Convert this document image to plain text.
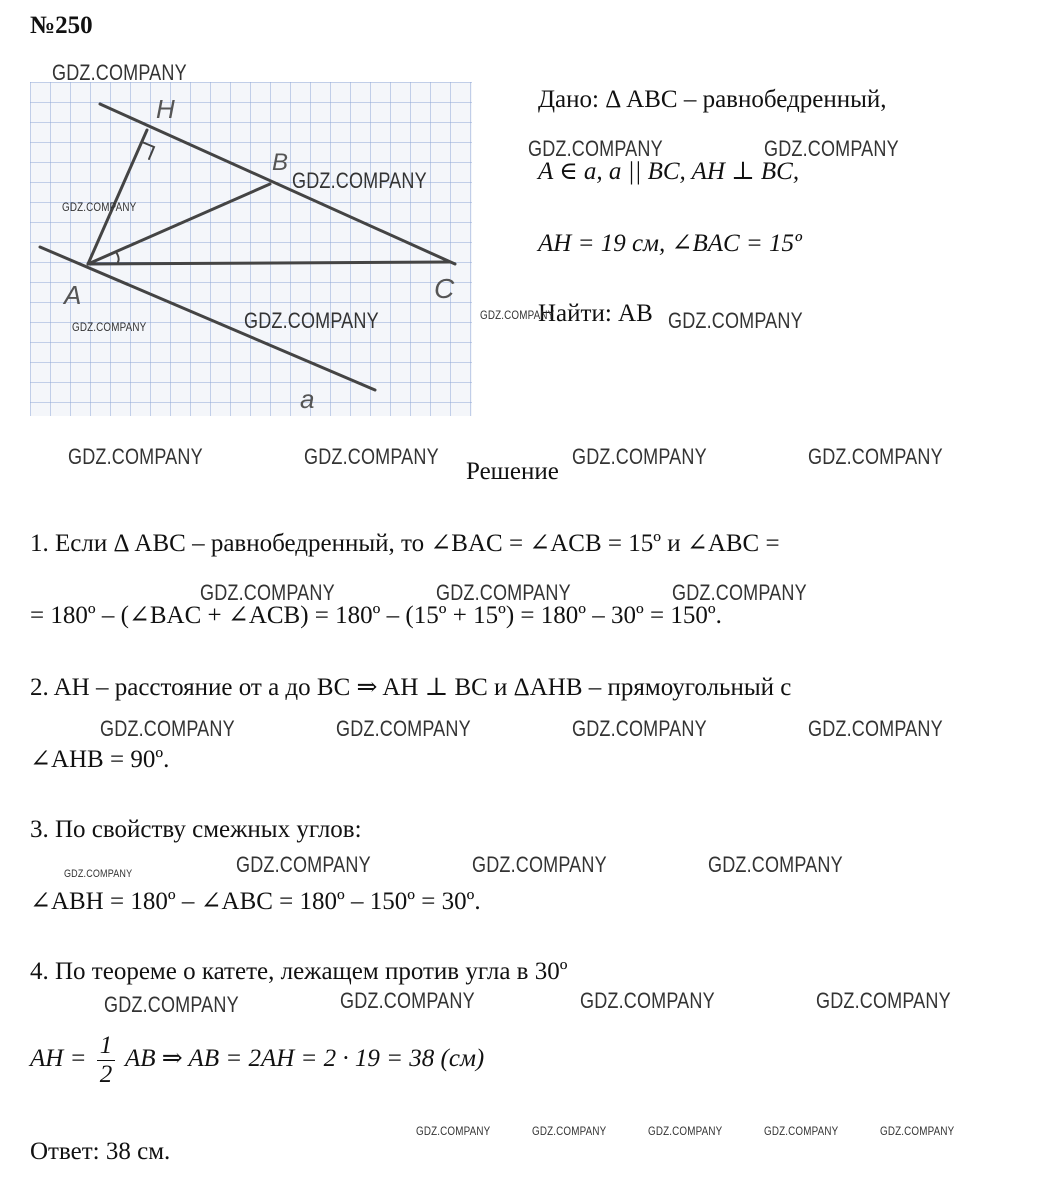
№250
H
B
A	C
a
Дано: Δ ABC – равнобедренный,
A ∈ a, a || BC, AH ⊥ BC,
AH = 19 см, ∠BAC = 15º
Найти: AB
Решение
1. Если Δ ABC – равнобедренный, то ∠BAC = ∠ACB = 15º и ∠ABC =
= 180º – (∠BAC + ∠ACB) = 180º – (15º + 15º) = 180º – 30º = 150º.
2. AH – расстояние от a до BC ⇒ AH ⊥ BC и ΔAHB – прямоугольный с
∠AHB = 90º.
3. По свойству смежных углов:
∠ABH = 180º – ∠ABC = 180º – 150º = 30º.
4. По теореме о катете, лежащем против угла в 30º
AH = $\frac{1}{2}$ AB ⇒ AB = 2AH = 2 · 19 = 38 (см)
Ответ: 38 см.
GDZ.COMPANY
GDZ.COMPANY
GDZ.COMPANY
GDZ.COMPANY	GDZ.COMPANY
GDZ.COMPANY	GDZ.COMPANY
GDZ.COMPANY	GDZ.COMPANY
GDZ.COMPANY	GDZ.COMPANY	GDZ.COMPANY	GDZ.COMPANY
GDZ.COMPANY	GDZ.COMPANY	GDZ.COMPANY
GDZ.COMPANY	GDZ.COMPANY	GDZ.COMPANY	GDZ.COMPANY
GDZ.COMPANY	GDZ.COMPANY	GDZ.COMPANY	GDZ.COMPANY
GDZ.COMPANY	GDZ.COMPANY	GDZ.COMPANY	GDZ.COMPANY
GDZ.COMPANY	GDZ.COMPANY	GDZ.COMPANY	GDZ.COMPANY	GDZ.COMPANY
